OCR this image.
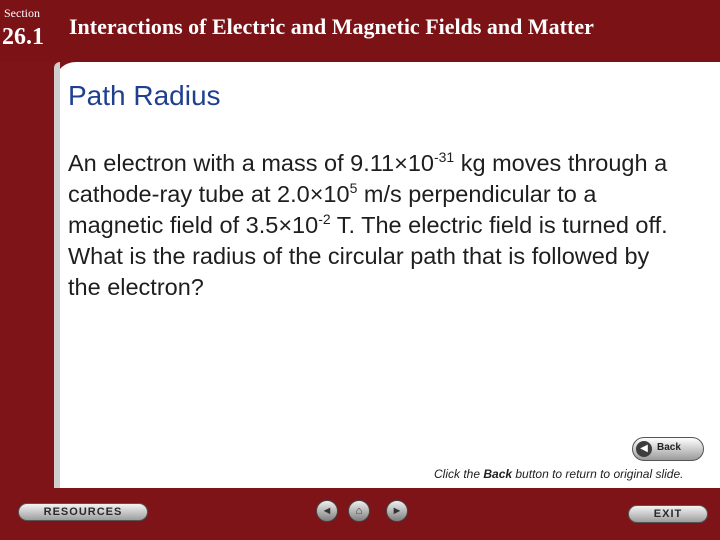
Section
26.1 Interactions of Electric and Magnetic Fields and Matter
Path Radius
An electron with a mass of $9.11\times 10^{-31}$ kg moves through a cathode-ray tube at $2.0\times 10^5$ m/s perpendicular to a magnetic field of $3.5\times 10^{-2}$ T. The electric field is turned off. What is the radius of the circular path that is followed by the electron?
◀ Back
Click the Back button to return to original slide.
RESOURCES	◄	⌂	►	EXIT
